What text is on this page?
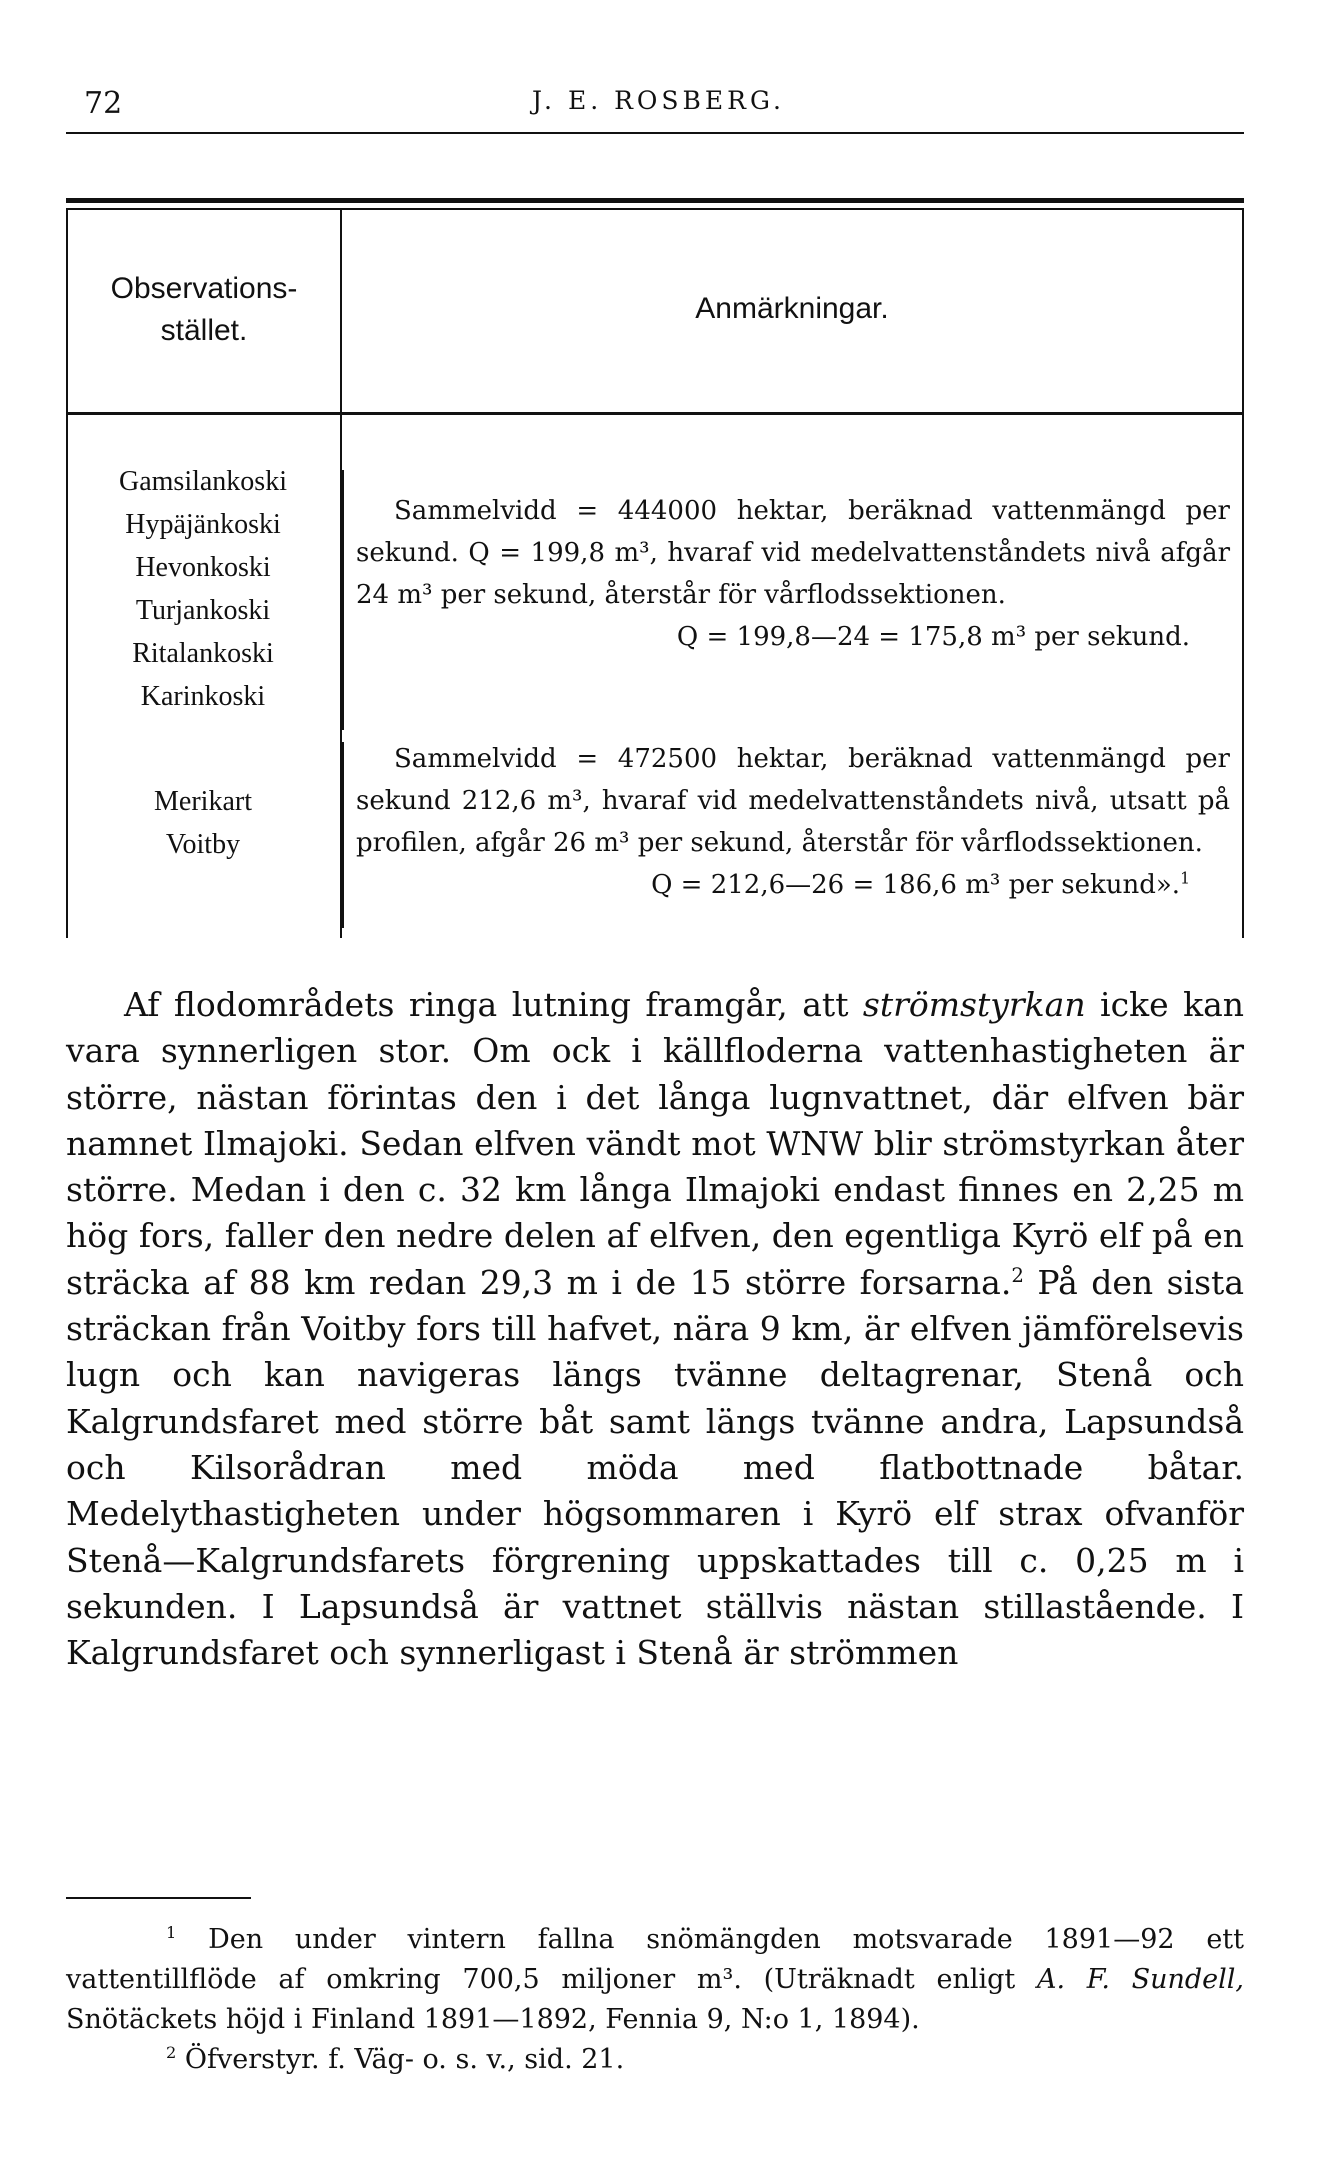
72	J. E. ROSBERG.
Observations-
stället.
Anmärkningar.
Gamsilankoski
Hypäjänkoski
Hevonkoski
Turjankoski
Ritalankoski
Karinkoski

Sammelvidd = 444000 hektar, beräknad vattenmängd per sekund. Q = 199,8 m³, hvaraf vid medelvattenståndets nivå afgår 24 m³ per sekund, återstår för vårflodssektionen.

Q = 199,8—24 = 175,8 m³ per sekund.

Merikart
Voitby

Sammelvidd = 472500 hektar, beräknad vattenmängd per sekund 212,6 m³, hvaraf vid medelvattenståndets nivå, utsatt på profilen, afgår 26 m³ per sekund, återstår för vårflodssektionen.

Q = 212,6—26 = 186,6 m³ per sekund».$^1$

Af flodområdets ringa lutning framgår, att strömstyrkan icke kan vara synnerligen stor. Om ock i källfloderna vattenhastigheten är större, nästan förintas den i det långa lugnvattnet, där elfven bär namnet Ilmajoki. Sedan elfven vändt mot WNW blir strömstyrkan åter större. Medan i den c. 32 km långa Ilmajoki endast finnes en 2,25 m hög fors, faller den nedre delen af elfven, den egentliga Kyrö elf på en sträcka af 88 km redan 29,3 m i de 15 större forsarna.$^2$ På den sista sträckan från Voitby fors till hafvet, nära 9 km, är elfven jämförelsevis lugn och kan navigeras längs tvänne deltagrenar, Stenå och Kalgrundsfaret med större båt samt längs tvänne andra, Lapsundså och Kilsorådran med möda med flatbottnade båtar. Medelythastigheten under högsommaren i Kyrö elf strax ofvanför Stenå—Kalgrundsfarets förgrening uppskattades till c. 0,25 m i sekunden. I Lapsundså är vattnet ställvis nästan stillastående. I Kalgrundsfaret och synnerligast i Stenå är strömmen

$^1$ Den under vintern fallna snömängden motsvarade 1891—92 ett vattentillflöde af omkring 700,5 miljoner m³. (Uträknadt enligt A. F. Sundell, Snötäckets höjd i Finland 1891—1892, Fennia 9, N:o 1, 1894).

$^2$ Öfverstyr. f. Väg- o. s. v., sid. 21.
